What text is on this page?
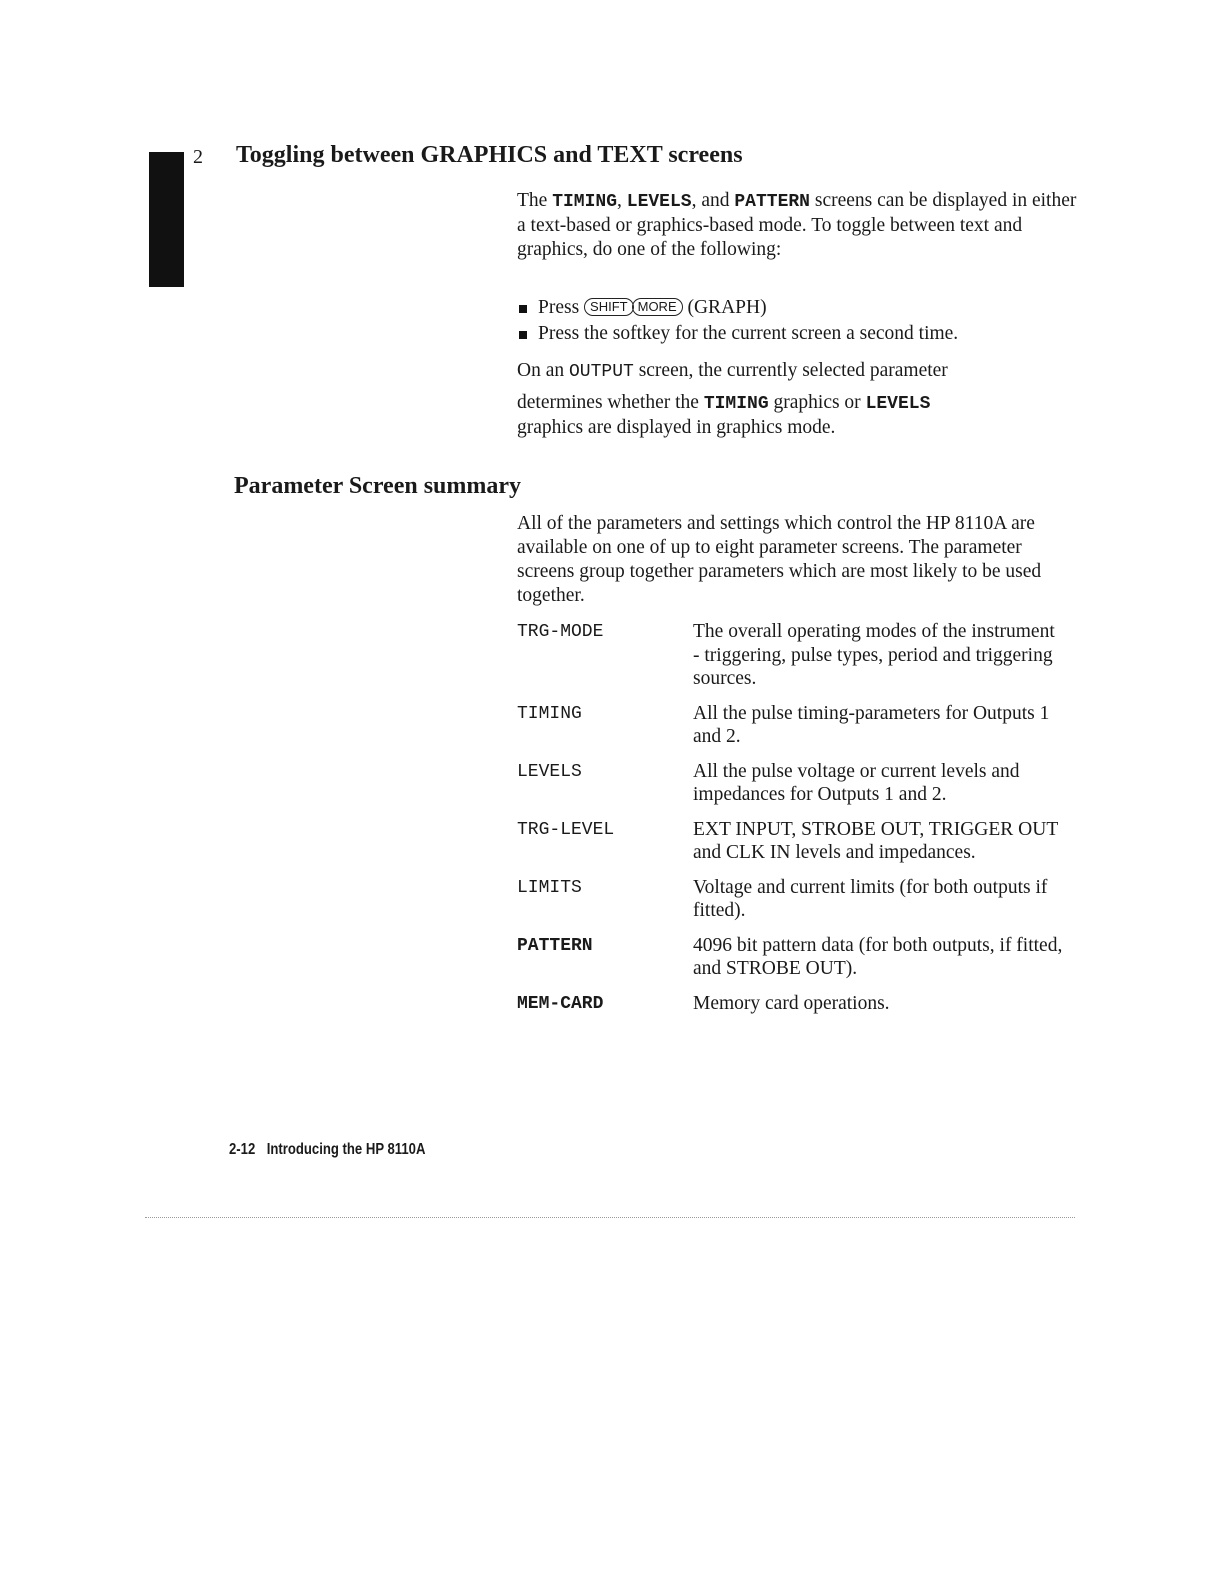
2 Toggling between GRAPHICS and TEXT screens

The TIMING, LEVELS, and PATTERN screens can be displayed in either a text-based or graphics-based mode. To toggle between text and graphics, do one of the following:

Press SHIFT MORE (GRAPH)
Press the softkey for the current screen a second time.

On an OUTPUT screen, the currently selected parameter

determines whether the TIMING graphics or LEVELS
graphics are displayed in graphics mode.

Parameter Screen summary

All of the parameters and settings which control the HP 8110A are available on one of up to eight parameter screens. The parameter screens group together parameters which are most likely to be used together.

TRG-MODE	The overall operating modes of the instrument - triggering, pulse types, period and triggering sources.
TIMING	All the pulse timing-parameters for Outputs 1 and 2.
LEVELS	All the pulse voltage or current levels and impedances for Outputs 1 and 2.
TRG-LEVEL	EXT INPUT, STROBE OUT, TRIGGER OUT and CLK IN levels and impedances.
LIMITS	Voltage and current limits (for both outputs if fitted).
PATTERN	4096 bit pattern data (for both outputs, if fitted, and STROBE OUT).
MEM-CARD	Memory card operations.
2-12 Introducing the HP 8110A
